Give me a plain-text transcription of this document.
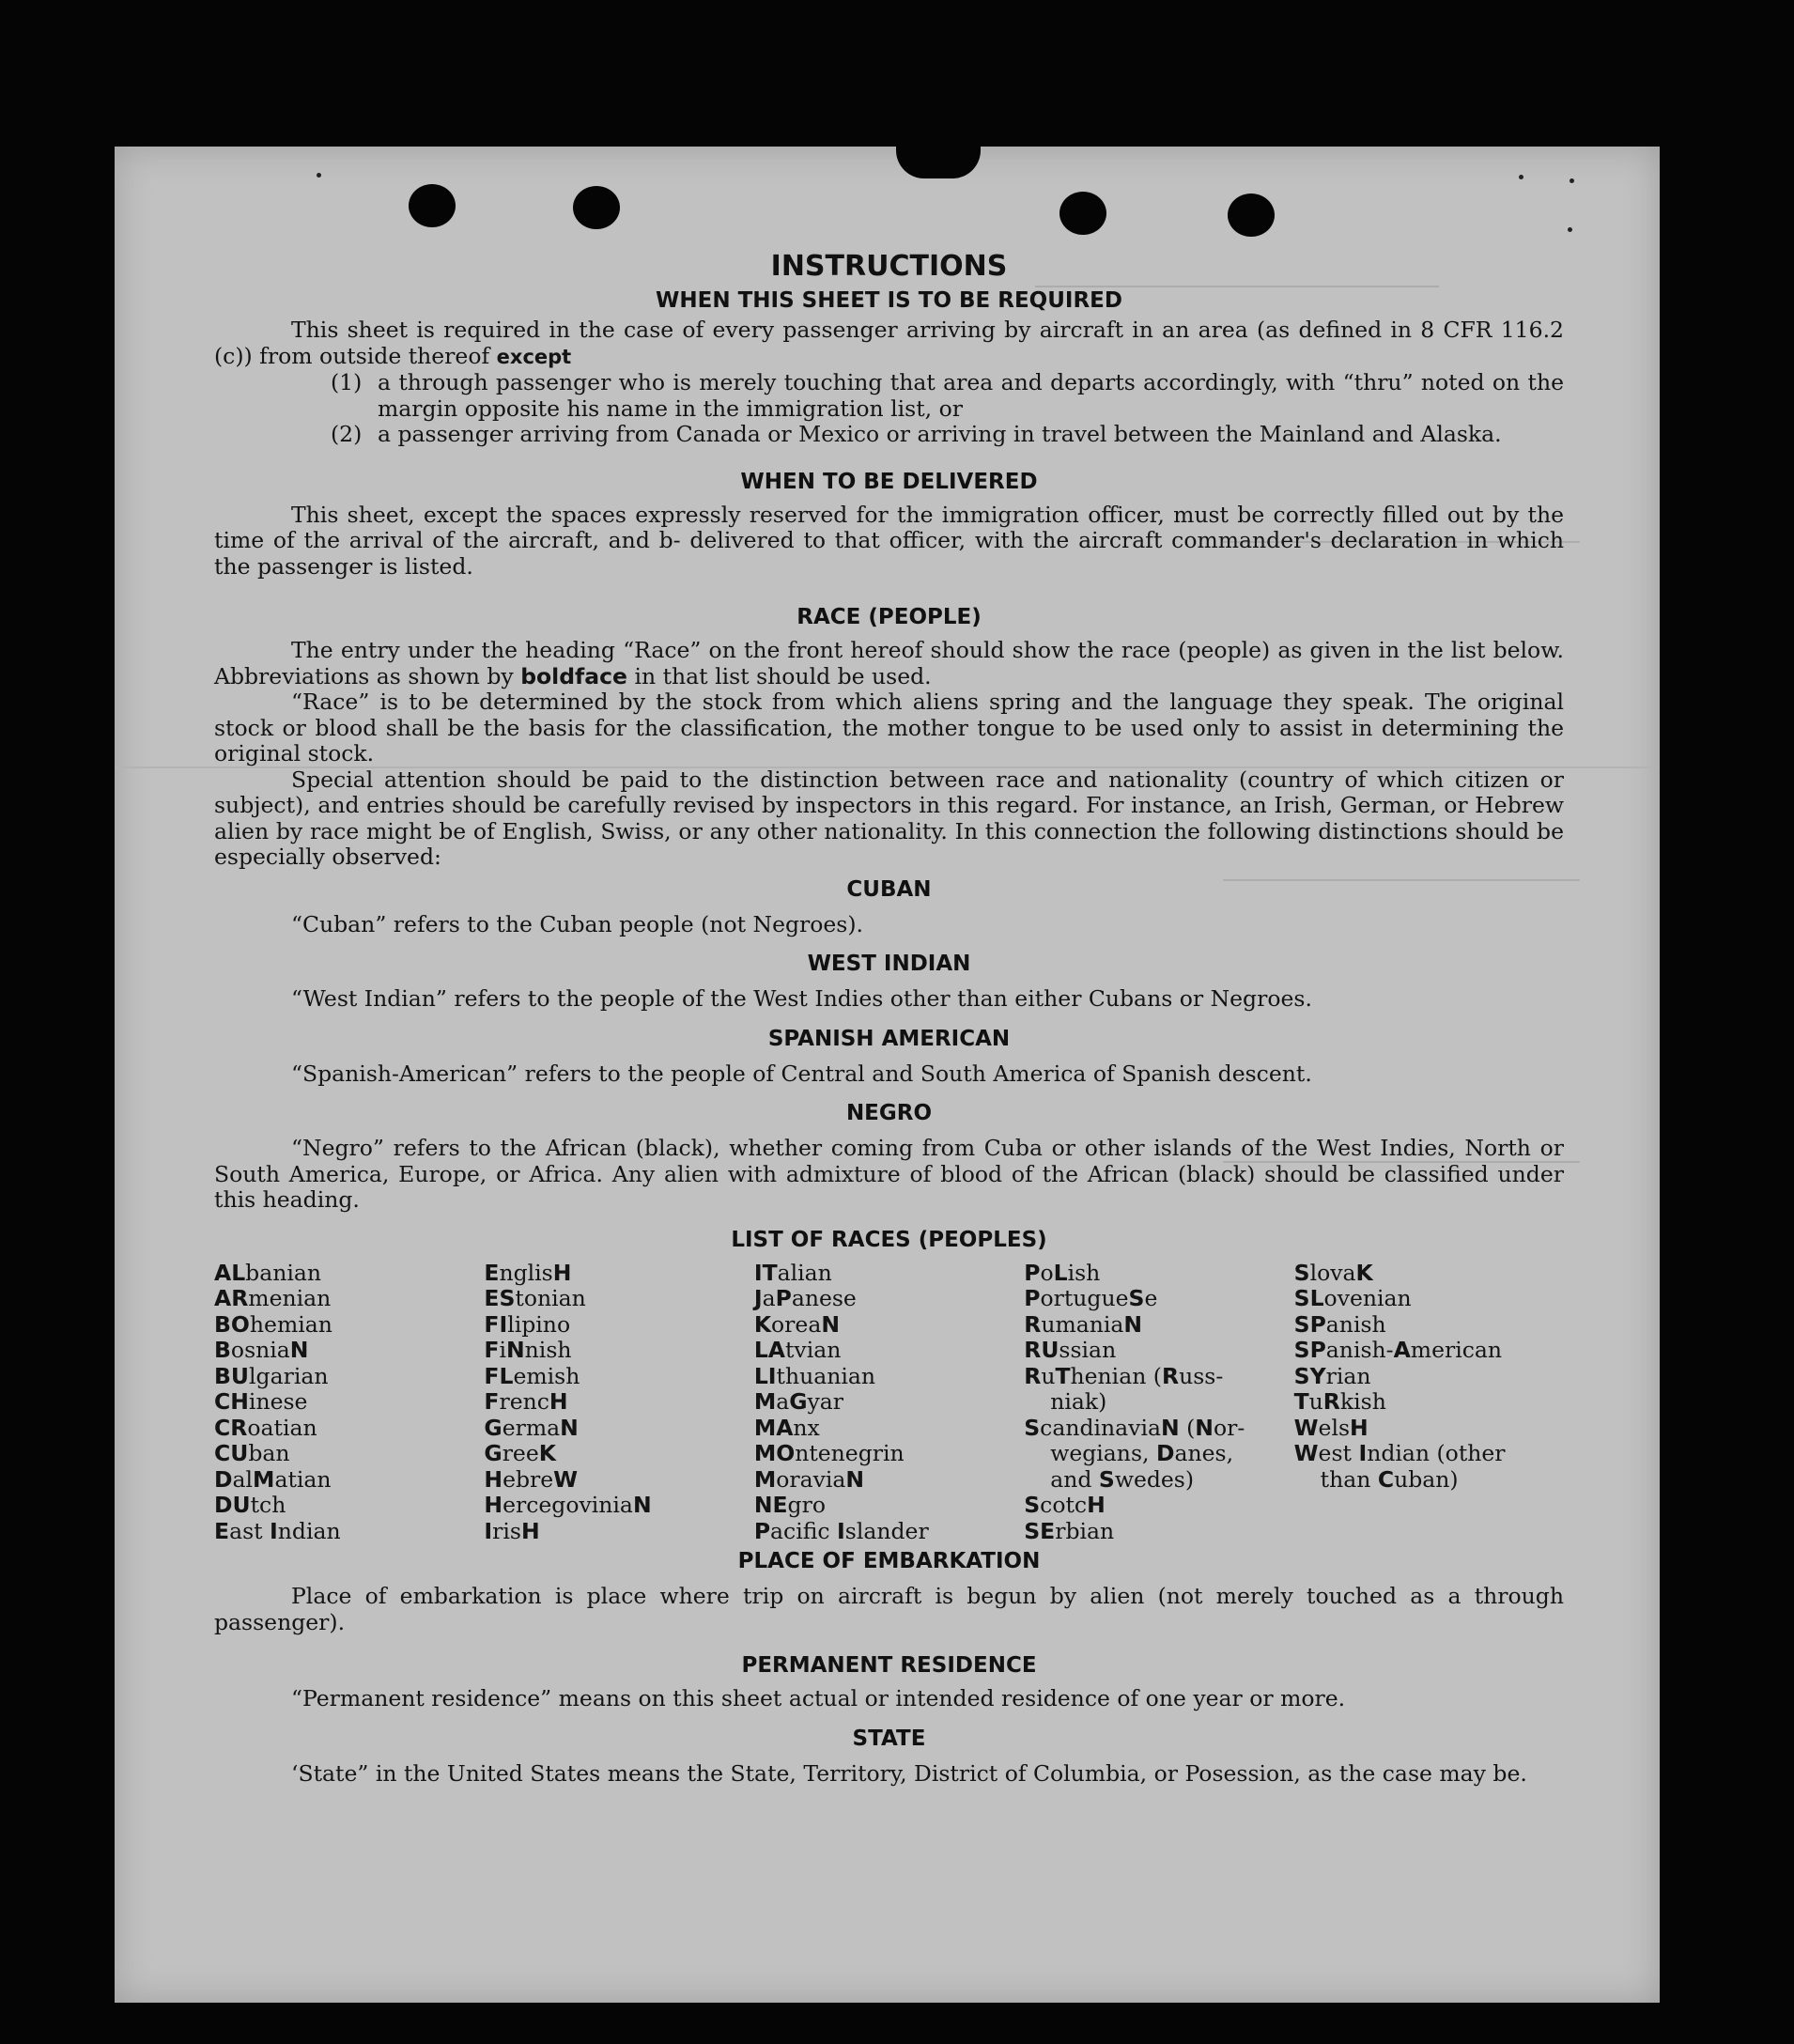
INSTRUCTIONS
WHEN THIS SHEET IS TO BE REQUIRED

This sheet is required in the case of every passenger arriving by aircraft in an area (as defined in 8 CFR 116.2 (c)) from outside thereof except

(1) a through passenger who is merely touching that area and departs accordingly, with “thru” noted on the margin opposite his name in the immigration list, or
(2) a passenger arriving from Canada or Mexico or arriving in travel between the Mainland and Alaska.
WHEN TO BE DELIVERED

This sheet, except the spaces expressly reserved for the immigration officer, must be correctly filled out by the time of the arrival of the aircraft, and b‐ delivered to that officer, with the aircraft commander's declaration in which the passenger is listed.

RACE (PEOPLE)

The entry under the heading “Race” on the front hereof should show the race (people) as given in the list below. Abbreviations as shown by boldface in that list should be used.

“Race” is to be determined by the stock from which aliens spring and the language they speak. The original stock or blood shall be the basis for the classification, the mother tongue to be used only to assist in determining the original stock.

Special attention should be paid to the distinction between race and nationality (country of which citizen or subject), and entries should be carefully revised by inspectors in this regard. For instance, an Irish, German, or Hebrew alien by race might be of English, Swiss, or any other nationality. In this connection the following distinctions should be especially observed:

CUBAN

“Cuban” refers to the Cuban people (not Negroes).

WEST INDIAN

“West Indian” refers to the people of the West Indies other than either Cubans or Negroes.

SPANISH AMERICAN

“Spanish-American” refers to the people of Central and South America of Spanish descent.

NEGRO

“Negro” refers to the African (black), whether coming from Cuba or other islands of the West Indies, North or South America, Europe, or Africa. Any alien with admixture of blood of the African (black) should be classified under this heading.

LIST OF RACES (PEOPLES)
ALbanian
ARmenian
BOhemian
BosniaN
BUlgarian
CHinese
CRoatian
CUban
DalMatian
DUtch
East Indian
EnglisH
EStonian
FIlipino
FiNnish
FLemish
FrencH
GermaN
GreeK
HebreW
HercegoviniaN
IrisH
ITalian
JaPanese
KoreaN
LAtvian
LIthuanian
MaGyar
MAnx
MOntenegrin
MoraviaN
NEgro
Pacific Islander
PoLish
PortugueSe
RumaniaN
RUssian
RuThenian (Russ-
niak)
ScandinaviaN (Nor-
wegians, Danes,
and Swedes)
ScotcH
SErbian
SlovaK
SLovenian
SPanish
SPanish-American
SYrian
TuRkish
WelsH
West Indian (other
than Cuban)
PLACE OF EMBARKATION

Place of embarkation is place where trip on aircraft is begun by alien (not merely touched as a through passenger).

PERMANENT RESIDENCE

“Permanent residence” means on this sheet actual or intended residence of one year or more.

STATE

‘State” in the United States means the State, Territory, District of Columbia, or Posession, as the case may be.
